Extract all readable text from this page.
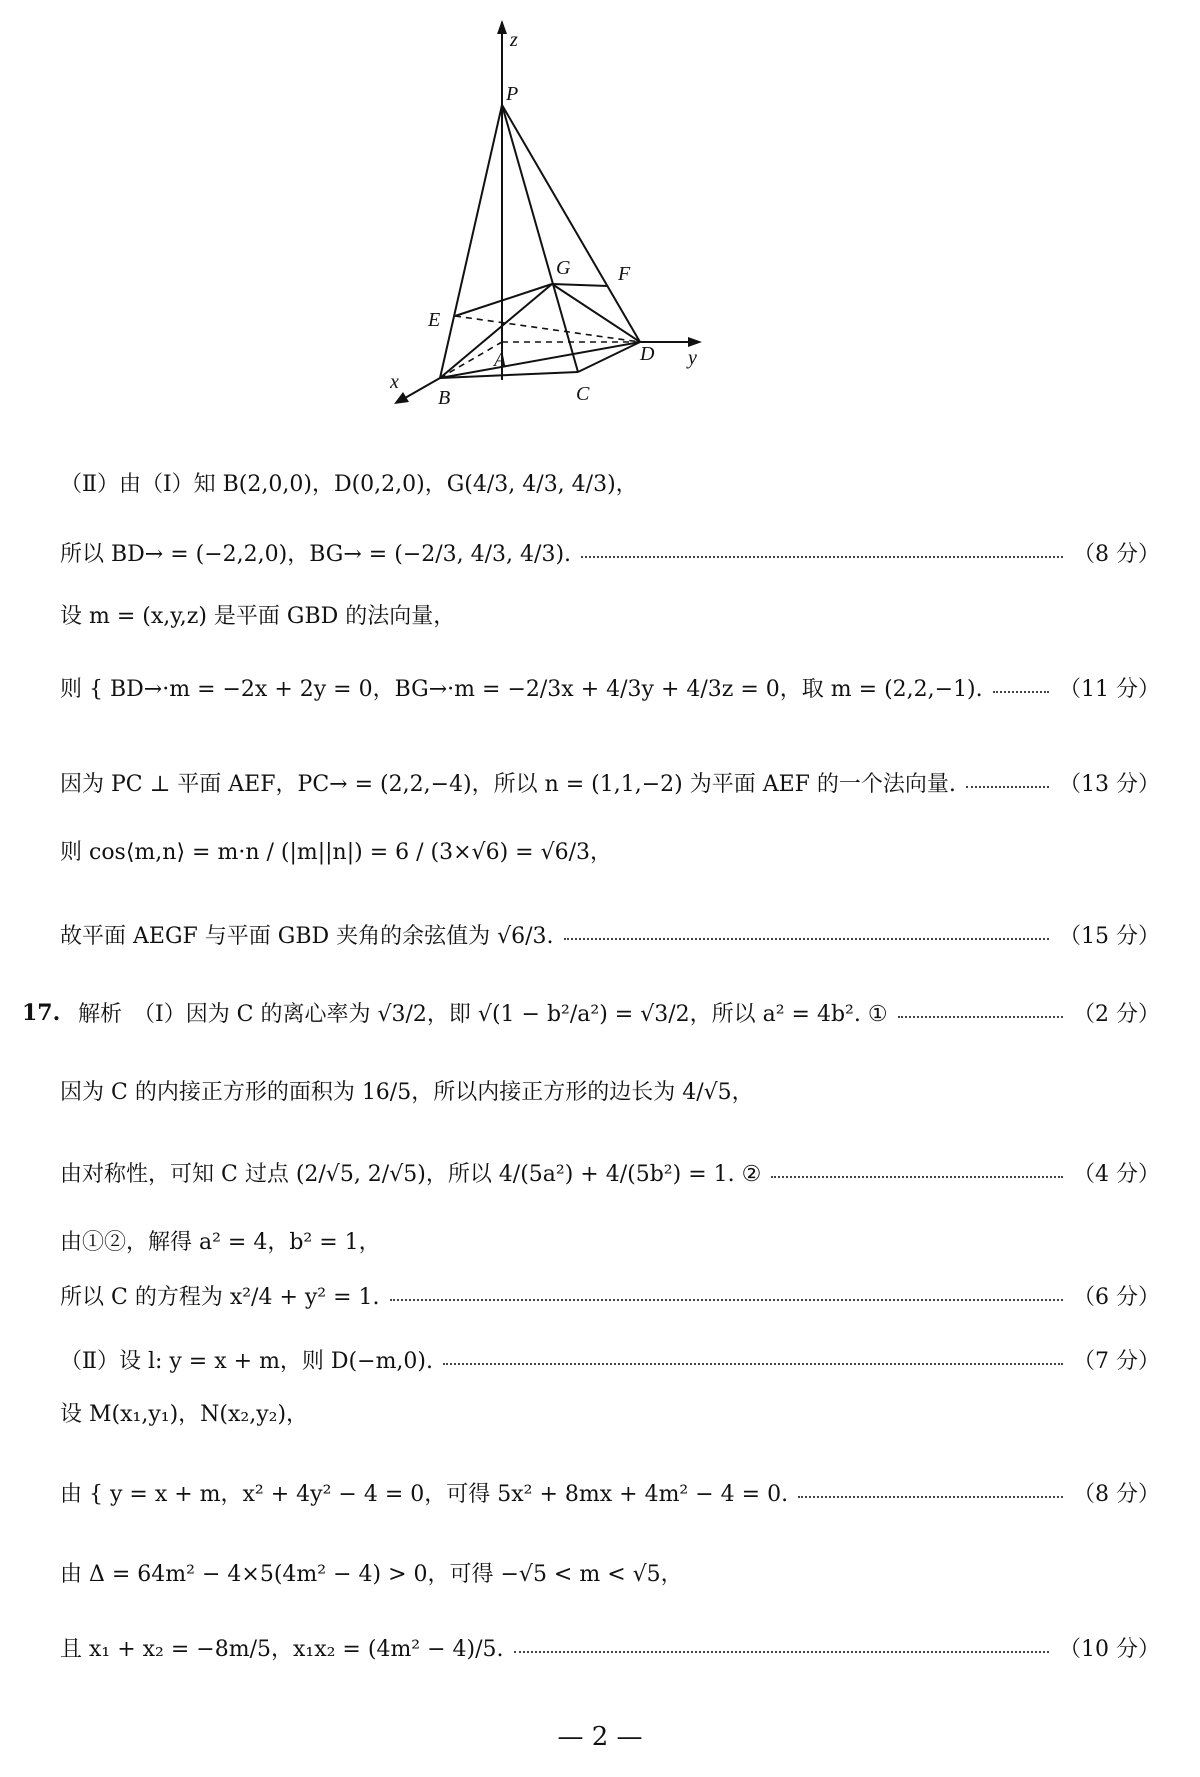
z
P
G F
E
A	D y
x
B	C
（Ⅱ）由（Ⅰ）知 B(2,0,0)，D(0,2,0)，G(4/3, 4/3, 4/3)，
所以 BD→ = (−2,2,0)，BG→ = (−2/3, 4/3, 4/3).	（8 分）
设 m = (x,y,z) 是平面 GBD 的法向量，
则 { BD→·m = −2x + 2y = 0，BG→·m = −2/3x + 4/3y + 4/3z = 0，取 m = (2,2,−1).	（11 分）
因为 PC ⊥ 平面 AEF，PC→ = (2,2,−4)，所以 n = (1,1,−2) 为平面 AEF 的一个法向量.	（13 分）
则 cos⟨m,n⟩ = m·n / (|m||n|) = 6 / (3×√6) = √6/3，
故平面 AEGF 与平面 GBD 夹角的余弦值为 √6/3.	（15 分）
17. 解析　（Ⅰ）因为 C 的离心率为 √3/2，即 √(1 − b²/a²) = √3/2，所以 a² = 4b². ①	（2 分）
因为 C 的内接正方形的面积为 16/5，所以内接正方形的边长为 4/√5，
由对称性，可知 C 过点 (2/√5, 2/√5)，所以 4/(5a²) + 4/(5b²) = 1. ②	（4 分）
由①②，解得 a² = 4，b² = 1，
所以 C 的方程为 x²/4 + y² = 1.	（6 分）
（Ⅱ）设 l: y = x + m，则 D(−m,0).	（7 分）
设 M(x₁,y₁)，N(x₂,y₂)，
由 { y = x + m，x² + 4y² − 4 = 0，可得 5x² + 8mx + 4m² − 4 = 0.	（8 分）
由 Δ = 64m² − 4×5(4m² − 4) > 0，可得 −√5 < m < √5，
且 x₁ + x₂ = −8m/5，x₁x₂ = (4m² − 4)/5.	（10 分）
— 2 —
